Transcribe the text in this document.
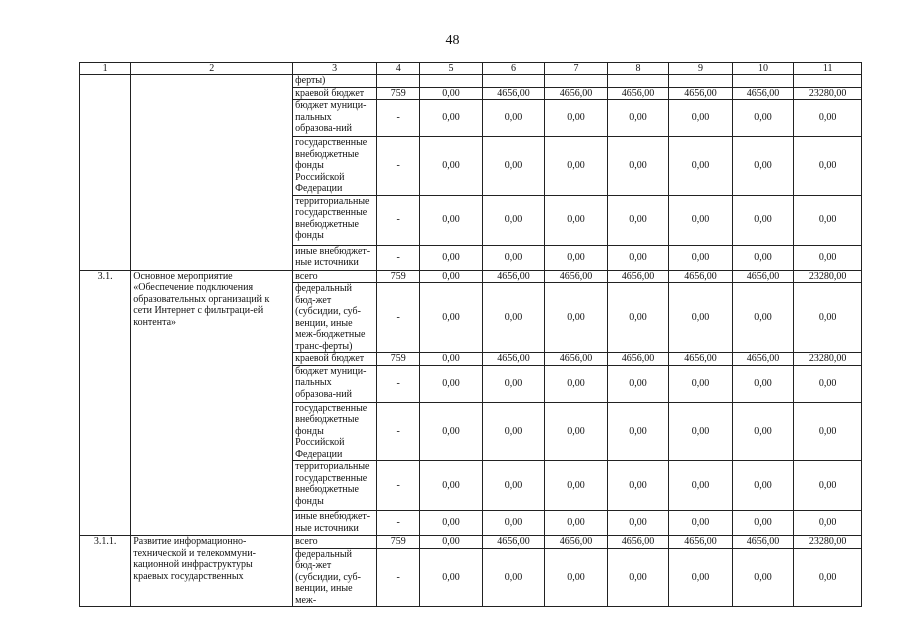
48
1	2	3	4	5	6	7	8	9	10	11
		ферты)								
		краевой бюджет	759	0,00	4656,00	4656,00	4656,00	4656,00	4656,00	23280,00
		бюджет муници-пальных образова-ний	-	0,00	0,00	0,00	0,00	0,00	0,00	0,00
		государственные внебюджетные фонды Российской Федерации	-	0,00	0,00	0,00	0,00	0,00	0,00	0,00
		территориальные государственные внебюджетные фонды	-	0,00	0,00	0,00	0,00	0,00	0,00	0,00
		иные внебюджет-ные источники	-	0,00	0,00	0,00	0,00	0,00	0,00	0,00
3.1.	Основное мероприятие «Обеспечение подключения образовательных организаций к сети Интернет с фильтраци-ей контента»	всего	759	0,00	4656,00	4656,00	4656,00	4656,00	4656,00	23280,00
		федеральный бюд-жет (субсидии, суб-венции, иные меж-бюджетные транс-ферты)	-	0,00	0,00	0,00	0,00	0,00	0,00	0,00
		краевой бюджет	759	0,00	4656,00	4656,00	4656,00	4656,00	4656,00	23280,00
		бюджет муници-пальных образова-ний	-	0,00	0,00	0,00	0,00	0,00	0,00	0,00
		государственные внебюджетные фонды Российской Федерации	-	0,00	0,00	0,00	0,00	0,00	0,00	0,00
		территориальные государственные внебюджетные фонды	-	0,00	0,00	0,00	0,00	0,00	0,00	0,00
		иные внебюджет-ные источники	-	0,00	0,00	0,00	0,00	0,00	0,00	0,00
3.1.1.	Развитие информационно-технической и телекоммуни-кационной инфраструктуры краевых государственных	всего	759	0,00	4656,00	4656,00	4656,00	4656,00	4656,00	23280,00
		федеральный бюд-жет (субсидии, суб-венции, иные меж-	-	0,00	0,00	0,00	0,00	0,00	0,00	0,00
